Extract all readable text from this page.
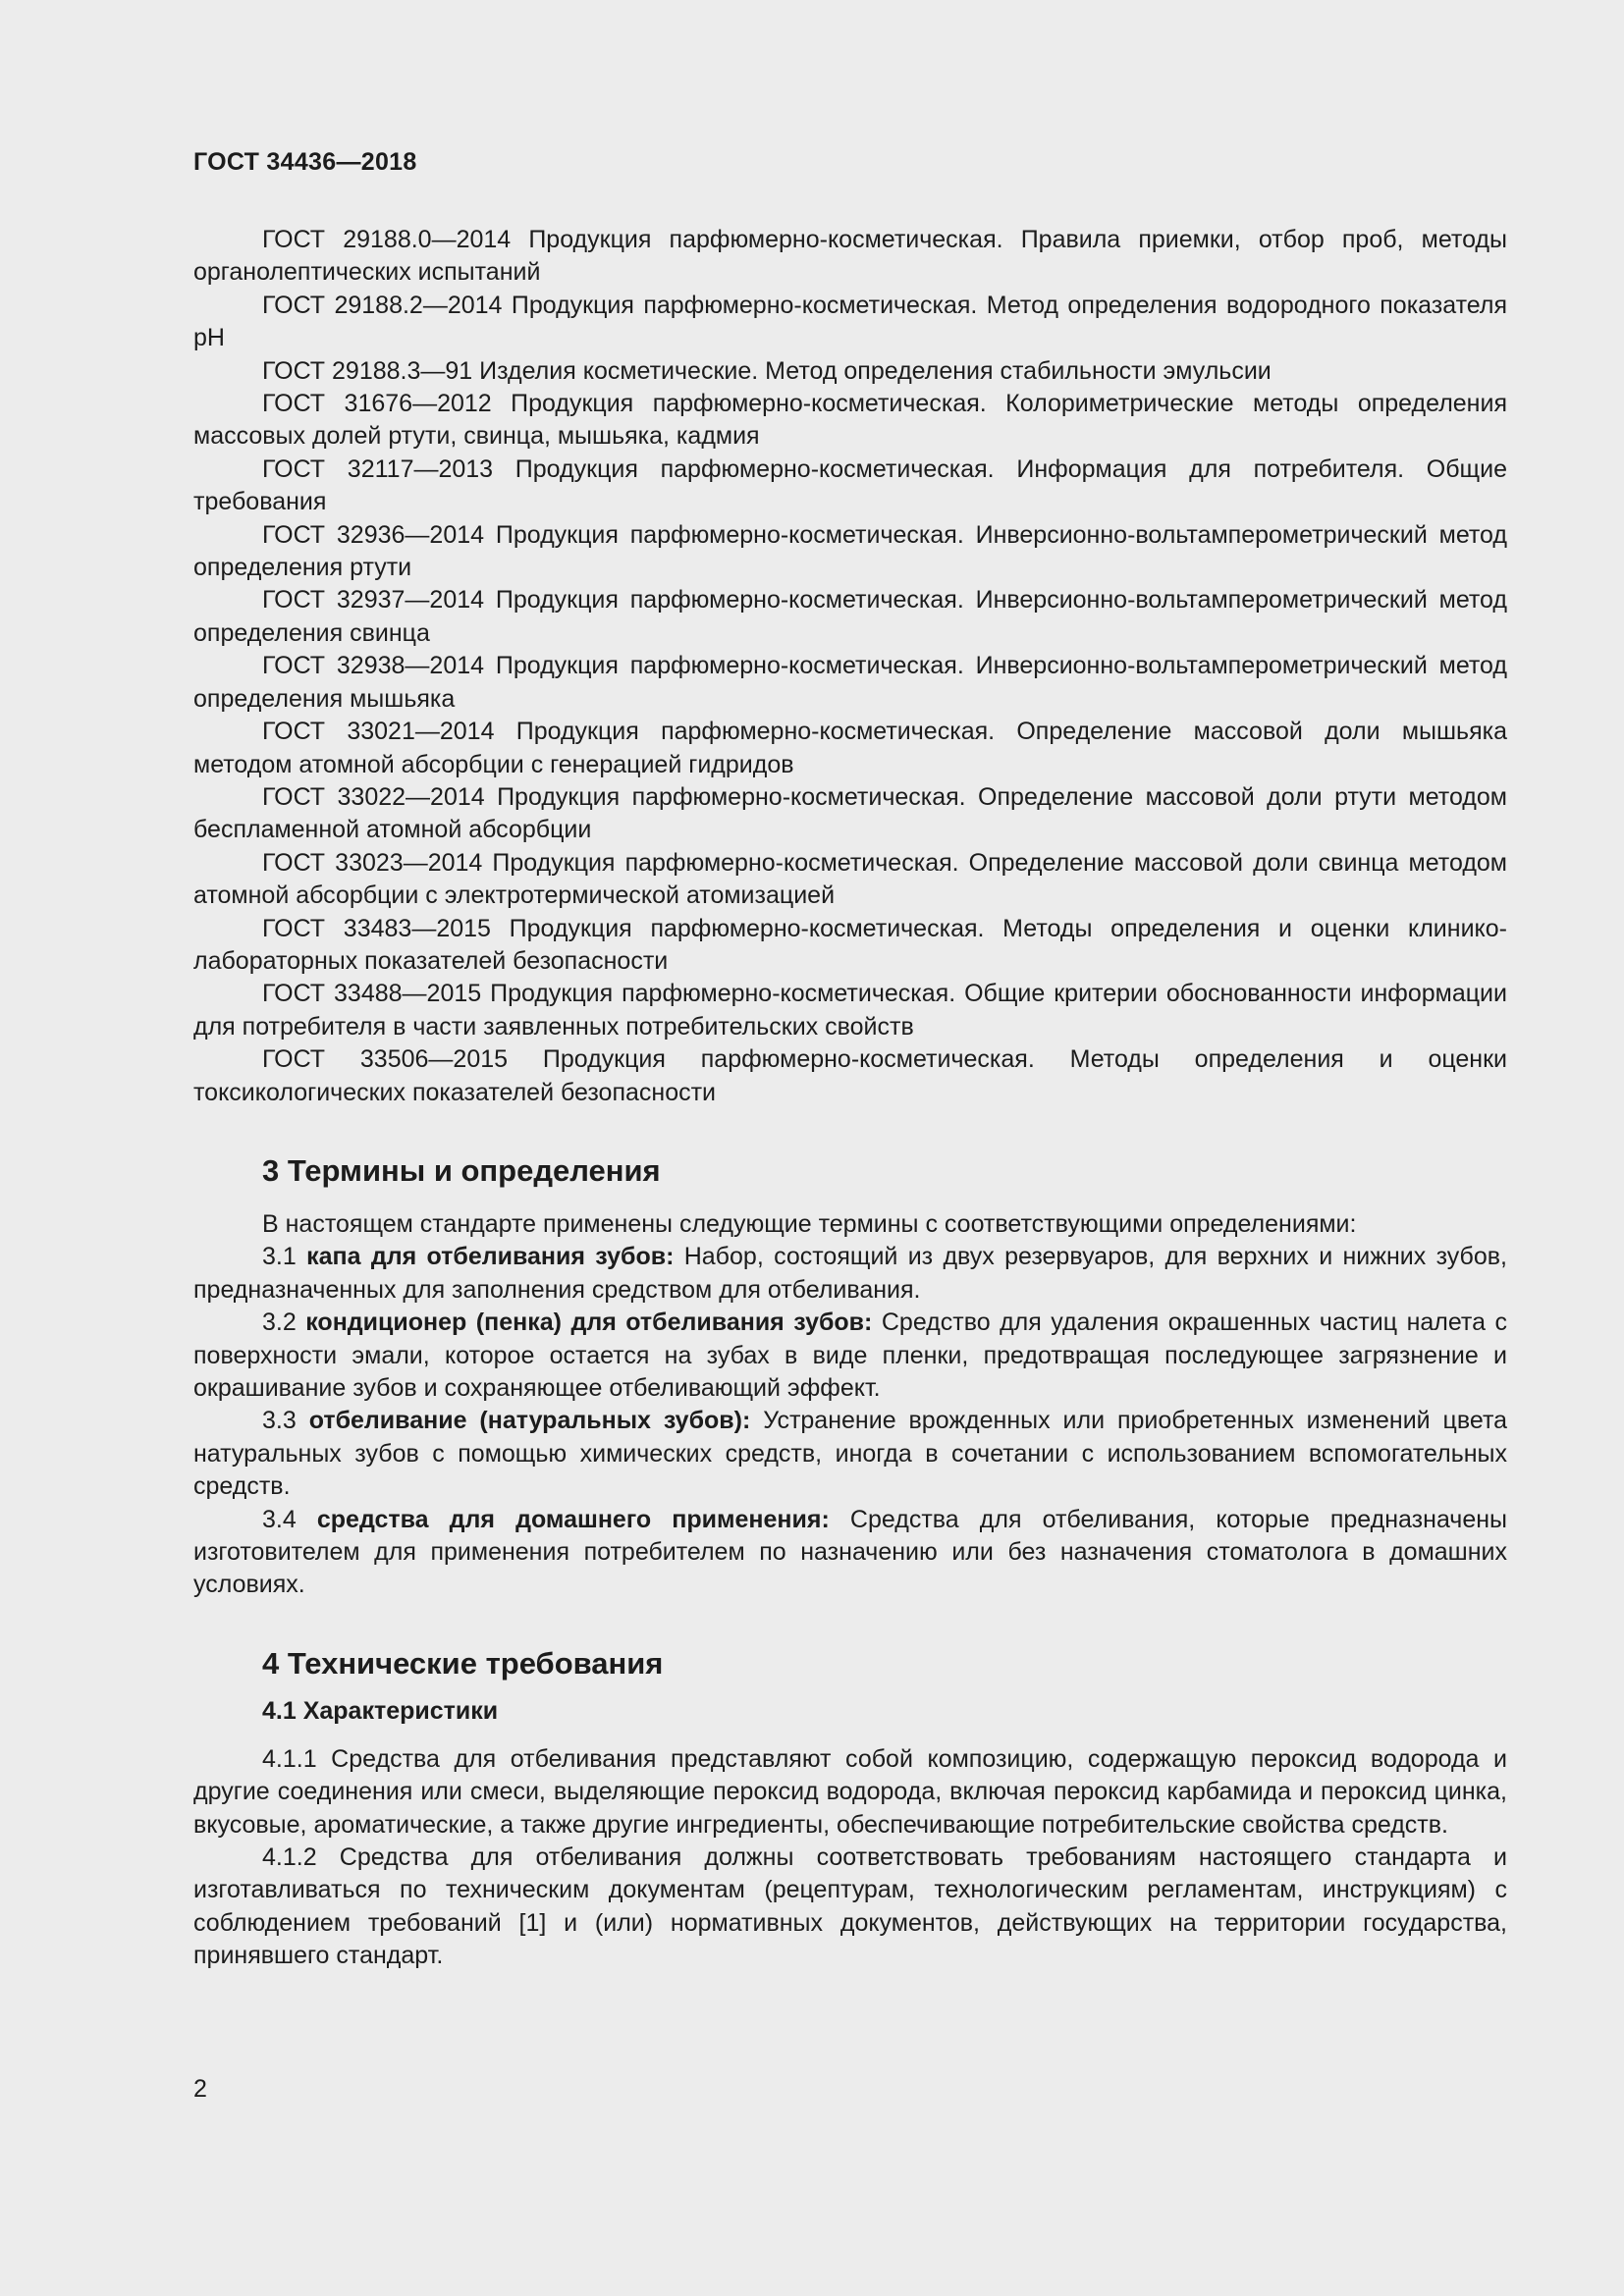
ГОСТ 34436—2018

ГОСТ 29188.0—2014 Продукция парфюмерно-косметическая. Правила приемки, отбор проб, методы органолептических испытаний

ГОСТ 29188.2—2014 Продукция парфюмерно-косметическая. Метод определения водородного показателя pH

ГОСТ 29188.3—91 Изделия косметические. Метод определения стабильности эмульсии

ГОСТ 31676—2012 Продукция парфюмерно-косметическая. Колориметрические методы определения массовых долей ртути, свинца, мышьяка, кадмия

ГОСТ 32117—2013 Продукция парфюмерно-косметическая. Информация для потребителя. Общие требования

ГОСТ 32936—2014 Продукция парфюмерно-косметическая. Инверсионно-вольтамперометрический метод определения ртути

ГОСТ 32937—2014 Продукция парфюмерно-косметическая. Инверсионно-вольтамперометрический метод определения свинца

ГОСТ 32938—2014 Продукция парфюмерно-косметическая. Инверсионно-вольтамперометрический метод определения мышьяка

ГОСТ 33021—2014 Продукция парфюмерно-косметическая. Определение массовой доли мышьяка методом атомной абсорбции с генерацией гидридов

ГОСТ 33022—2014 Продукция парфюмерно-косметическая. Определение массовой доли ртути методом беспламенной атомной абсорбции

ГОСТ 33023—2014 Продукция парфюмерно-косметическая. Определение массовой доли свинца методом атомной абсорбции с электротермической атомизацией

ГОСТ 33483—2015 Продукция парфюмерно-косметическая. Методы определения и оценки клинико-лабораторных показателей безопасности

ГОСТ 33488—2015 Продукция парфюмерно-косметическая. Общие критерии обоснованности информации для потребителя в части заявленных потребительских свойств

ГОСТ 33506—2015 Продукция парфюмерно-косметическая. Методы определения и оценки токсикологических показателей безопасности

3 Термины и определения

В настоящем стандарте применены следующие термины с соответствующими определениями:

3.1 капа для отбеливания зубов: Набор, состоящий из двух резервуаров, для верхних и нижних зубов, предназначенных для заполнения средством для отбеливания.

3.2 кондиционер (пенка) для отбеливания зубов: Средство для удаления окрашенных частиц налета с поверхности эмали, которое остается на зубах в виде пленки, предотвращая последующее загрязнение и окрашивание зубов и сохраняющее отбеливающий эффект.

3.3 отбеливание (натуральных зубов): Устранение врожденных или приобретенных изменений цвета натуральных зубов с помощью химических средств, иногда в сочетании с использованием вспомогательных средств.

3.4 средства для домашнего применения: Средства для отбеливания, которые предназначены изготовителем для применения потребителем по назначению или без назначения стоматолога в домашних условиях.

4 Технические требования
4.1 Характеристики

4.1.1 Средства для отбеливания представляют собой композицию, содержащую пероксид водорода и другие соединения или смеси, выделяющие пероксид водорода, включая пероксид карбамида и пероксид цинка, вкусовые, ароматические, а также другие ингредиенты, обеспечивающие потребительские свойства средств.

4.1.2 Средства для отбеливания должны соответствовать требованиям настоящего стандарта и изготавливаться по техническим документам (рецептурам, технологическим регламентам, инструкциям) с соблюдением требований [1] и (или) нормативных документов, действующих на территории государства, принявшего стандарт.

2
